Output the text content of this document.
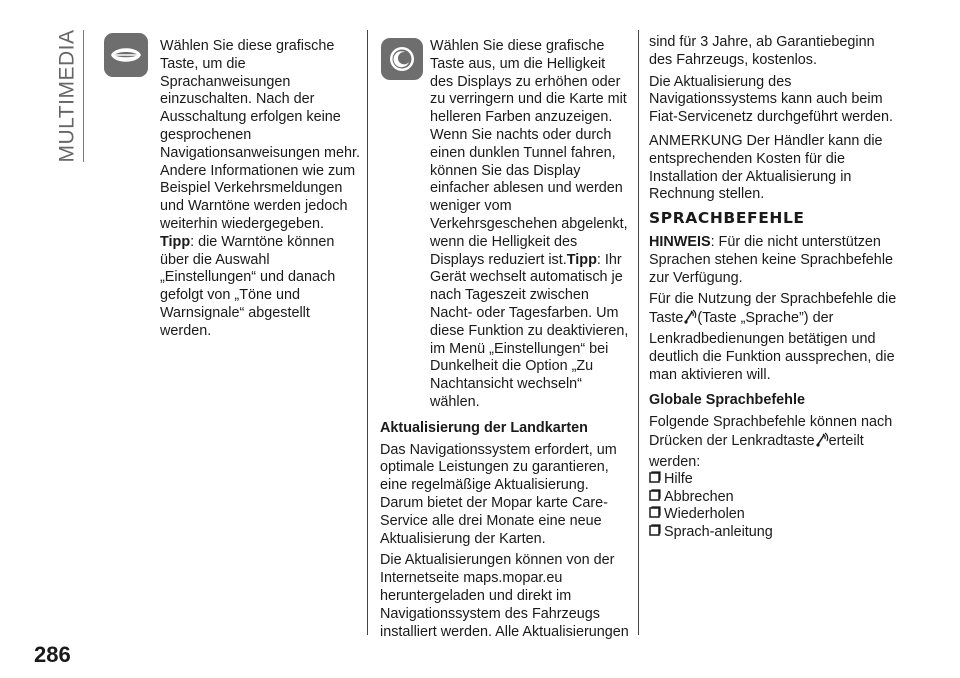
MULTIMEDIA	Wählen Sie diese grafische Taste, um die Sprachanweisungen einzuschalten. Nach der Ausschaltung erfolgen keine gesprochenen Navigationsanweisungen mehr. Andere Informationen wie zum Beispiel Verkehrsmeldungen und Warntöne werden jedoch weiterhin wiedergegeben.

Tipp: die Warntöne können über die Auswahl „Einstellungen“ und danach gefolgt von „Töne und Warnsignale“ abgestellt werden.

Wählen Sie diese grafische Taste aus, um die Helligkeit des Displays zu erhöhen oder zu verringern und die Karte mit helleren Farben anzuzeigen. Wenn Sie nachts oder durch einen dunklen Tunnel fahren, können Sie das Display einfacher ablesen und werden weniger vom Verkehrsgeschehen abgelenkt, wenn die Helligkeit des Displays reduziert ist.Tipp: Ihr Gerät wechselt automatisch je nach Tageszeit zwischen Nacht- oder Tagesfarben. Um diese Funktion zu deaktivieren, im Menü „Einstellungen“ bei Dunkelheit die Option „Zu Nachtansicht wechseln“ wählen.

Aktualisierung der Landkarten

Das Navigationssystem erfordert, um optimale Leistungen zu garantieren, eine regelmäßige Aktualisierung. Darum bietet der Mopar karte Care-Service alle drei Monate eine neue Aktualisierung der Karten.

Die Aktualisierungen können von der Internetseite maps.mopar.eu heruntergeladen und direkt im Navigationssystem des Fahrzeugs installiert werden. Alle Aktualisierungen

sind für 3 Jahre, ab Garantiebeginn des Fahrzeugs, kostenlos.

Die Aktualisierung des Navigationssystems kann auch beim Fiat-Servicenetz durchgeführt werden.

ANMERKUNG Der Händler kann die entsprechenden Kosten für die Installation der Aktualisierung in Rechnung stellen.

SPRACHBEFEHLE

HINWEIS: Für die nicht unterstützen Sprachen stehen keine Sprachbefehle zur Verfügung.

Für die Nutzung der Sprachbefehle die Taste (Taste „Sprache”) der Lenkradbedienungen betätigen und deutlich die Funktion aussprechen, die man aktivieren will.

Globale Sprachbefehle

Folgende Sprachbefehle können nach Drücken der Lenkradtaste erteilt werden:

Hilfe
Abbrechen
Wiederholen
Sprach-anleitung
286
